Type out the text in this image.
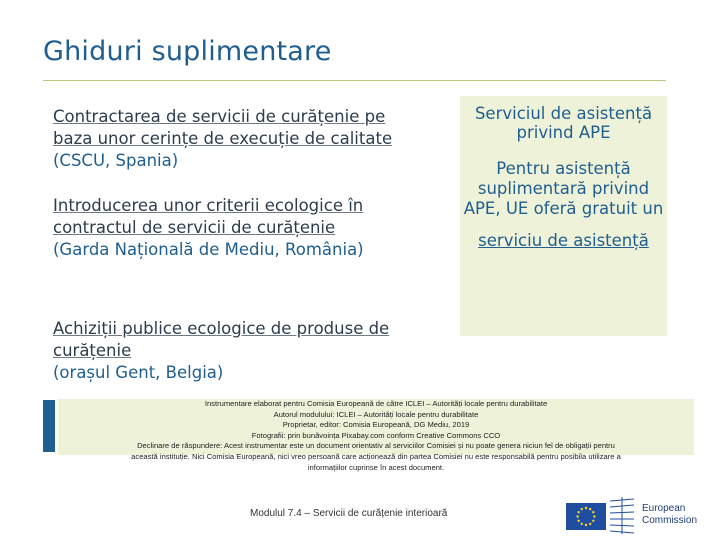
Ghiduri suplimentare
Contractarea de servicii de curățenie pe baza unor cerințe de execuție de calitate
(CSCU, Spania)
Introducerea unor criterii ecologice în contractul de servicii de curățenie
(Garda Națională de Mediu, România)
Achiziții publice ecologice de produse de curățenie
(orașul Gent, Belgia)
Serviciul de asistență privind APE
Pentru asistență suplimentară privind APE, UE oferă gratuit un
serviciu de asistență
Instrumentare elaborat pentru Comisia Europeană de către ICLEI – Autorități locale pentru durabilitate
Autorul modulului: ICLEI – Autorități locale pentru durabilitate
Proprietar, editor: Comisia Europeană, DG Mediu, 2019
Fotografii: prin bunăvoința Pixabay.com conform Creative Commons CCO
Declinare de răspundere: Acest instrumentar este un document orientativ al serviciilor Comisiei și nu poate genera niciun fel de obligații pentru
această instituție. Nici Comisia Europeană, nici vreo persoană care acționează din partea Comisiei nu este responsabilă pentru posibila utilizare a
informațiilor cuprinse în acest document.
Modulul 7.4 – Servicii de curățenie interioară	European
Commission
